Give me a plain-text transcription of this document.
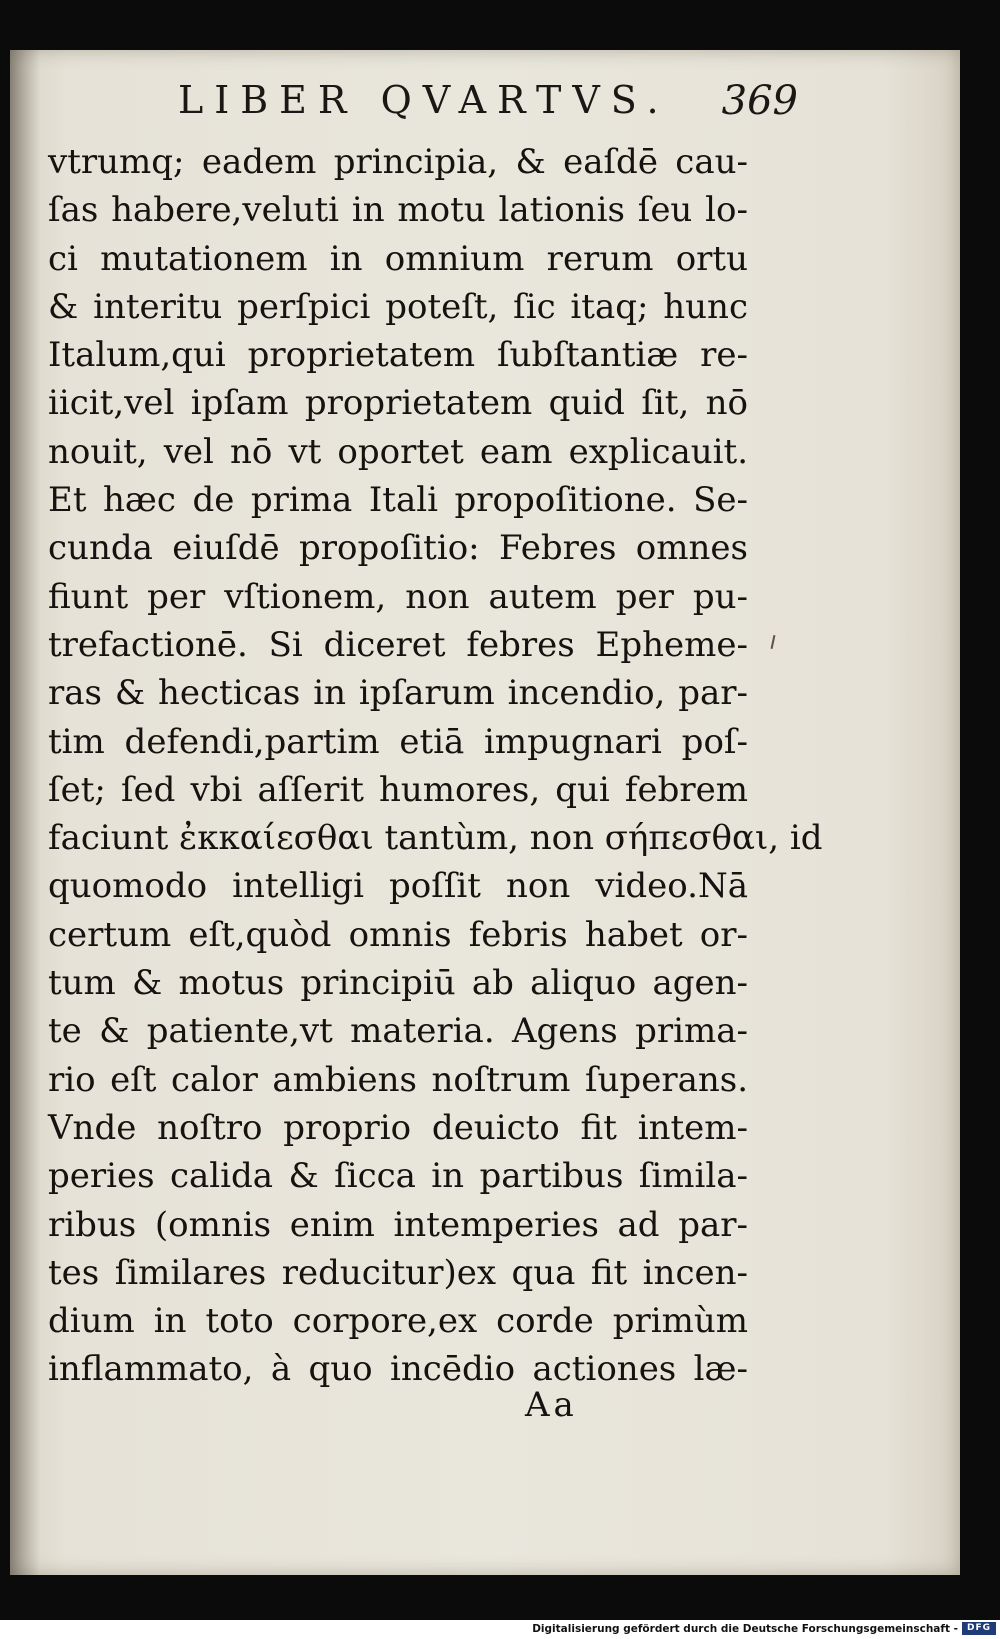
LIBER QVARTVS. 369
vtrumq; eadem principia, & eaſdē cau-
ſas habere,veluti in motu lationis ſeu lo-
ci mutationem in omnium rerum ortu
& interitu perſpici poteſt, ſic itaq; hunc
Italum,qui proprietatem ſubſtantiæ re-
iicit,vel ipſam proprietatem quid ſit, nō
nouit, vel nō vt oportet eam explicauit.
Et hæc de prima Itali propoſitione. Se-
cunda eiuſdē propoſitio: Febres omnes
fiunt per vſtionem, non autem per pu-
trefactionē. Si diceret febres Epheme-
ras & hecticas in ipſarum incendio, par-
tim defendi,partim etiā impugnari poſ-
ſet; ſed vbi aſſerit humores, qui febrem
faciunt ἐκκαίεσθαι tantùm, non σήπεσθαι, id
quomodo intelligi poſſit non video.Nā
certum eſt,quòd omnis febris habet or-
tum & motus principiū ab aliquo agen-
te & patiente,vt materia. Agens prima-
rio eſt calor ambiens noſtrum ſuperans.
Vnde noſtro proprio deuicto fit intem-
peries calida & ſicca in partibus ſimila-
ribus (omnis enim intemperies ad par-
tes ſimilares reducitur)ex qua fit incen-
dium in toto corpore,ex corde primùm
inflammato, à quo incēdio actiones læ-
Aa
Digitalisierung gefördert durch die Deutsche Forschungsgemeinschaft - DFG
